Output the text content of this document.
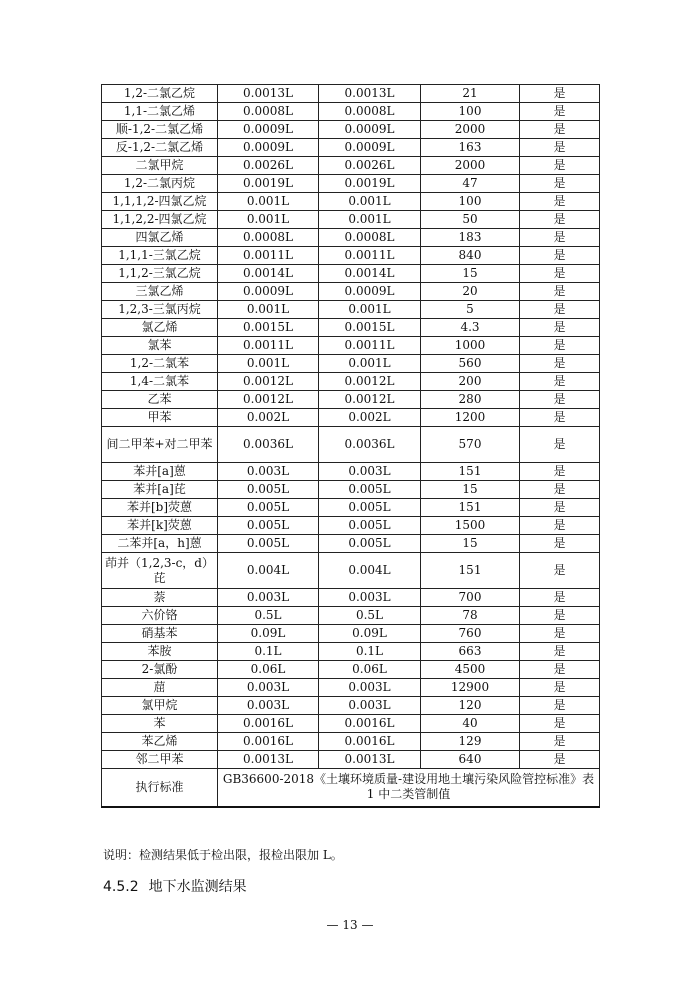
1,2-二氯乙烷	0.0013L	0.0013L	21	是
1,1-二氯乙烯	0.0008L	0.0008L	100	是
顺-1,2-二氯乙烯	0.0009L	0.0009L	2000	是
反-1,2-二氯乙烯	0.0009L	0.0009L	163	是
二氯甲烷	0.0026L	0.0026L	2000	是
1,2-二氯丙烷	0.0019L	0.0019L	47	是
1,1,1,2-四氯乙烷	0.001L	0.001L	100	是
1,1,2,2-四氯乙烷	0.001L	0.001L	50	是
四氯乙烯	0.0008L	0.0008L	183	是
1,1,1-三氯乙烷	0.0011L	0.0011L	840	是
1,1,2-三氯乙烷	0.0014L	0.0014L	15	是
三氯乙烯	0.0009L	0.0009L	20	是
1,2,3-三氯丙烷	0.001L	0.001L	5	是
氯乙烯	0.0015L	0.0015L	4.3	是
氯苯	0.0011L	0.0011L	1000	是
1,2-二氯苯	0.001L	0.001L	560	是
1,4-二氯苯	0.0012L	0.0012L	200	是
乙苯	0.0012L	0.0012L	280	是
甲苯	0.002L	0.002L	1200	是
间二甲苯+对二甲苯	0.0036L	0.0036L	570	是
苯并[a]蒽	0.003L	0.003L	151	是
苯并[a]芘	0.005L	0.005L	15	是
苯并[b]荧蒽	0.005L	0.005L	151	是
苯并[k]荧蒽	0.005L	0.005L	1500	是
二苯并[a，h]蒽	0.005L	0.005L	15	是
茚并（1,2,3-c，d）芘	0.004L	0.004L	151	是
萘	0.003L	0.003L	700	是
六价铬	0.5L	0.5L	78	是
硝基苯	0.09L	0.09L	760	是
苯胺	0.1L	0.1L	663	是
2-氯酚	0.06L	0.06L	4500	是
䓛	0.003L	0.003L	12900	是
氯甲烷	0.003L	0.003L	120	是
苯	0.0016L	0.0016L	40	是
苯乙烯	0.0016L	0.0016L	129	是
邻二甲苯	0.0013L	0.0013L	640	是
执行标准	GB36600-2018《土壤环境质量-建设用地土壤污染风险管控标准》表 1 中二类管制值			
说明：检测结果低于检出限，报检出限加 L。
4.5.2 地下水监测结果
— 13 —
